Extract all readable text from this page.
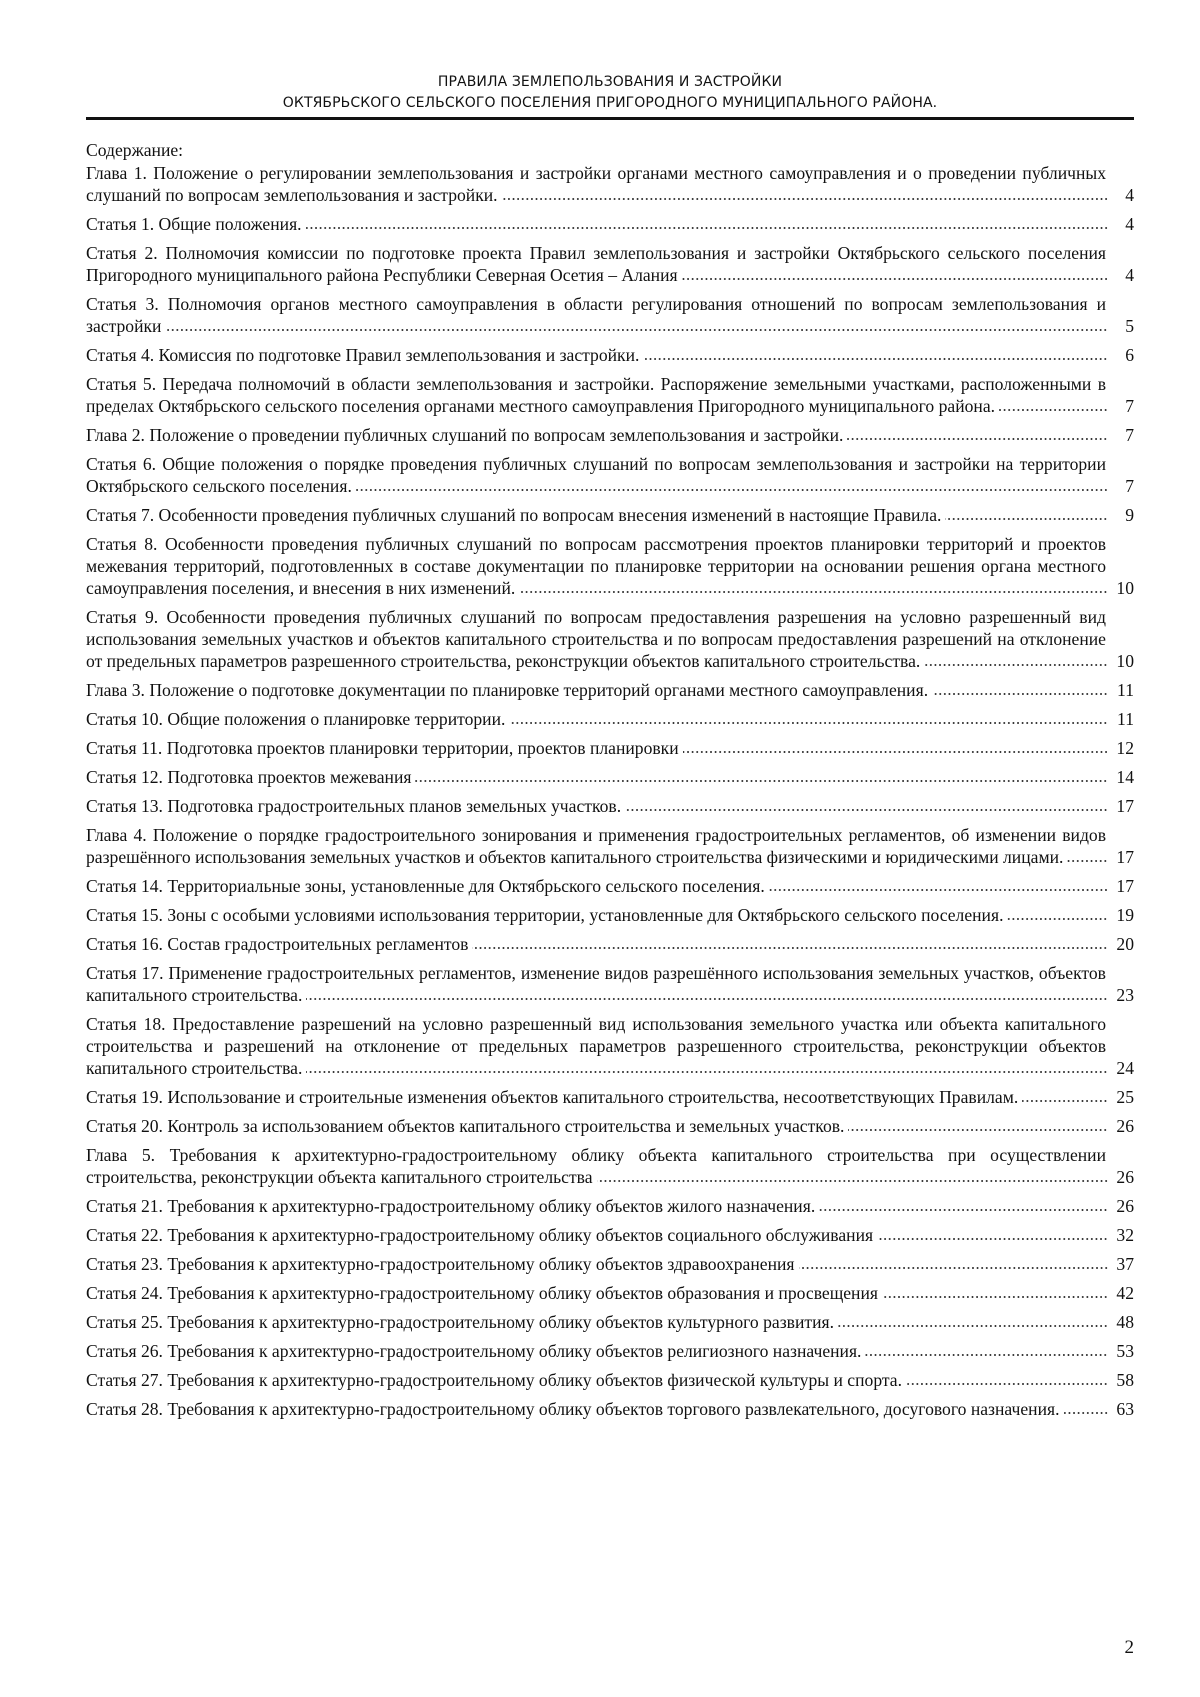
ПРАВИЛА ЗЕМЛЕПОЛЬЗОВАНИЯ И ЗАСТРОЙКИ
ОКТЯБРЬСКОГО СЕЛЬСКОГО ПОСЕЛЕНИЯ ПРИГОРОДНОГО МУНИЦИПАЛЬНОГО РАЙОНА.
Содержание:
Глава 1. Положение о регулировании землепользования и застройки органами местного самоуправления и о проведении публичных слушаний по вопросам землепользования и застройки.	4
Статья 1. Общие положения.	4
Статья 2. Полномочия комиссии по подготовке проекта Правил землепользования и застройки Октябрьского сельского поселения Пригородного муниципального района Республики Северная Осетия – Алания	4
Статья 3. Полномочия органов местного самоуправления в области регулирования отношений по вопросам землепользования и застройки	5
Статья 4. Комиссия по подготовке Правил землепользования и застройки.	6
Статья 5. Передача полномочий в области землепользования и застройки. Распоряжение земельными участками, расположенными в пределах Октябрьского сельского поселения органами местного самоуправления Пригородного муниципального района.	7
Глава 2. Положение о проведении публичных слушаний по вопросам землепользования и застройки.	7
Статья 6. Общие положения о порядке проведения публичных слушаний по вопросам землепользования и застройки на территории Октябрьского сельского поселения.	7
Статья 7. Особенности проведения публичных слушаний по вопросам внесения изменений в настоящие Правила.	9
Статья 8. Особенности проведения публичных слушаний по вопросам рассмотрения проектов планировки территорий и проектов межевания территорий, подготовленных в составе документации по планировке территории на основании решения органа местного самоуправления поселения, и внесения в них изменений.	10
Статья 9. Особенности проведения публичных слушаний по вопросам предоставления разрешения на условно разрешенный вид использования земельных участков и объектов капитального строительства и по вопросам предоставления разрешений на отклонение от предельных параметров разрешенного строительства, реконструкции объектов капитального строительства.	10
Глава 3. Положение о подготовке документации по планировке территорий органами местного самоуправления.	11
Статья 10. Общие положения о планировке территории.	11
Статья 11. Подготовка проектов планировки территории, проектов планировки	12
Статья 12. Подготовка проектов межевания	14
Статья 13. Подготовка градостроительных планов земельных участков.	17
Глава 4. Положение о порядке градостроительного зонирования и применения градостроительных регламентов, об изменении видов разрешённого использования земельных участков и объектов капитального строительства физическими и юридическими лицами.	17
Статья 14. Территориальные зоны, установленные для Октябрьского сельского поселения.	17
Статья 15. Зоны с особыми условиями использования территории, установленные для Октябрьского сельского поселения.	19
Статья 16. Состав градостроительных регламентов	20
Статья 17. Применение градостроительных регламентов, изменение видов разрешённого использования земельных участков, объектов капитального строительства.	23
Статья 18. Предоставление разрешений на условно разрешенный вид использования земельного участка или объекта капитального строительства и разрешений на отклонение от предельных параметров разрешенного строительства, реконструкции объектов капитального строительства.	24
Статья 19. Использование и строительные изменения объектов капитального строительства, несоответствующих Правилам.	25
Статья 20. Контроль за использованием объектов капитального строительства и земельных участков.	26
Глава 5. Требования к архитектурно-градостроительному облику объекта капитального строительства при осуществлении строительства, реконструкции объекта капитального строительства	26
Статья 21. Требования к архитектурно-градостроительному облику объектов жилого назначения.	26
Статья 22. Требования к архитектурно-градостроительному облику объектов социального обслуживания	32
Статья 23. Требования к архитектурно-градостроительному облику объектов здравоохранения	37
Статья 24. Требования к архитектурно-градостроительному облику объектов образования и просвещения	42
Статья 25. Требования к архитектурно-градостроительному облику объектов культурного развития.	48
Статья 26. Требования к архитектурно-градостроительному облику объектов религиозного назначения.	53
Статья 27. Требования к архитектурно-градостроительному облику объектов физической культуры и спорта.	58
Статья 28. Требования к архитектурно-градостроительному облику объектов торгового развлекательного, досугового назначения.	63
2
